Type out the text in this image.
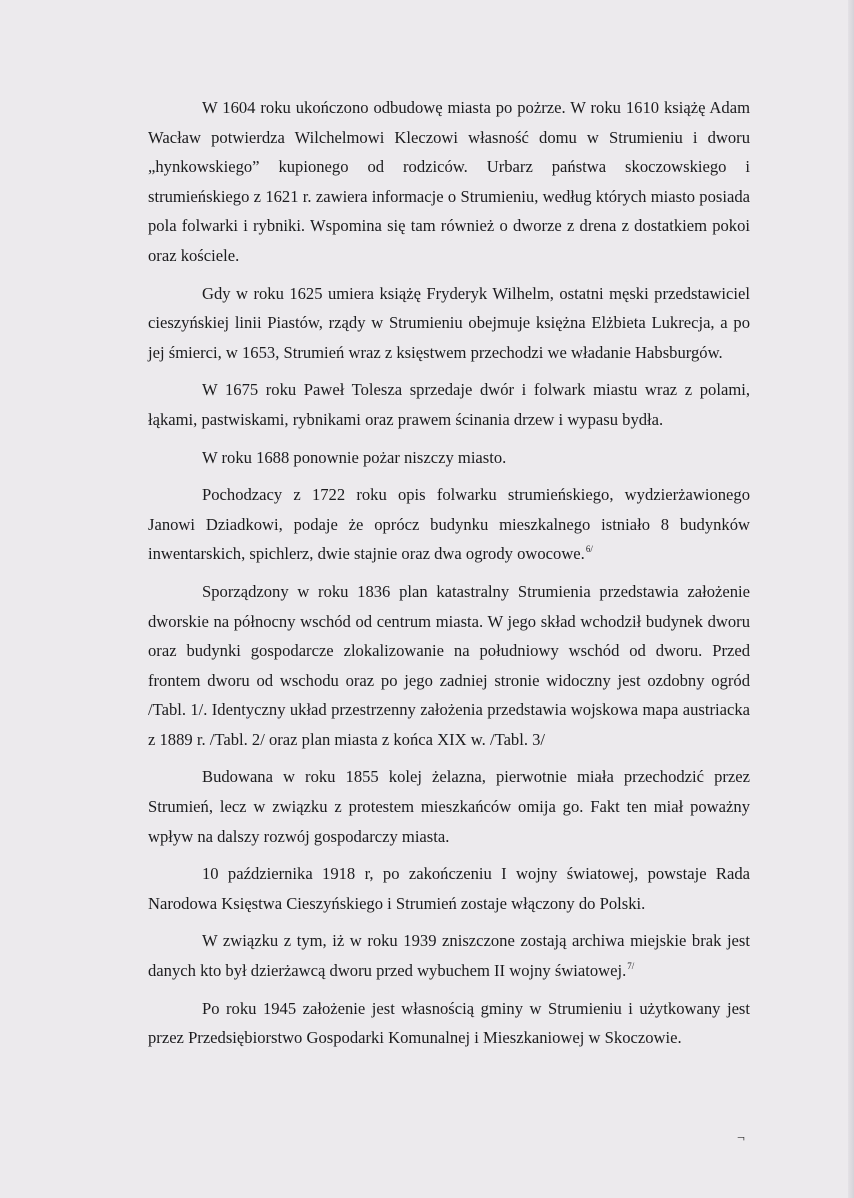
W 1604 roku ukończono odbudowę miasta po pożrze. W roku 1610 książę Adam Wacław potwierdza Wilchelmowi Kleczowi własność domu w Strumieniu i dworu „hynkowskiego” kupionego od rodziców. Urbarz państwa skoczowskiego i strumieńskiego z 1621 r. zawiera informacje o Strumieniu, według których miasto posiada pola folwarki i rybniki. Wspomina się tam również o dworze z drena z dostatkiem pokoi oraz kościele.

Gdy w roku 1625 umiera książę Fryderyk Wilhelm, ostatni męski przedstawiciel cieszyńskiej linii Piastów, rządy w Strumieniu obejmuje księżna Elżbieta Lukrecja, a po jej śmierci, w 1653, Strumień wraz z księstwem przechodzi we władanie Habsburgów.

W 1675 roku Paweł Tolesza sprzedaje dwór i folwark miastu wraz z polami, łąkami, pastwiskami, rybnikami oraz prawem ścinania drzew i wypasu bydła.

W roku 1688 ponownie pożar niszczy miasto.

Pochodzacy z 1722 roku opis folwarku strumieńskiego, wydzierżawionego Janowi Dziadkowi, podaje że oprócz budynku mieszkalnego istniało 8 budynków inwentarskich, spichlerz, dwie stajnie oraz dwa ogrody owocowe.$^{6/}$

Sporządzony w roku 1836 plan katastralny Strumienia przedstawia założenie dworskie na północny wschód od centrum miasta. W jego skład wchodził budynek dworu oraz budynki gospodarcze zlokalizowanie na południowy wschód od dworu. Przed frontem dworu od wschodu oraz po jego zadniej stronie widoczny jest ozdobny ogród /Tabl. 1/. Identyczny układ przestrzenny założenia przedstawia wojskowa mapa austriacka z 1889 r. /Tabl. 2/ oraz plan miasta z końca XIX w. /Tabl. 3/

Budowana w roku 1855 kolej żelazna, pierwotnie miała przechodzić przez Strumień, lecz w związku z protestem mieszkańców omija go. Fakt ten miał poważny wpływ na dalszy rozwój gospodarczy miasta.

10 października 1918 r, po zakończeniu I wojny światowej, powstaje Rada Narodowa Księstwa Cieszyńskiego i Strumień zostaje włączony do Polski.

W związku z tym, iż w roku 1939 zniszczone zostają archiwa miejskie brak jest danych kto był dzierżawcą dworu przed wybuchem II wojny światowej.$^{7/}$

Po roku 1945 założenie jest własnością gminy w Strumieniu i użytkowany jest przez Przedsiębiorstwo Gospodarki Komunalnej i Mieszkaniowej w Skoczowie.

¬
